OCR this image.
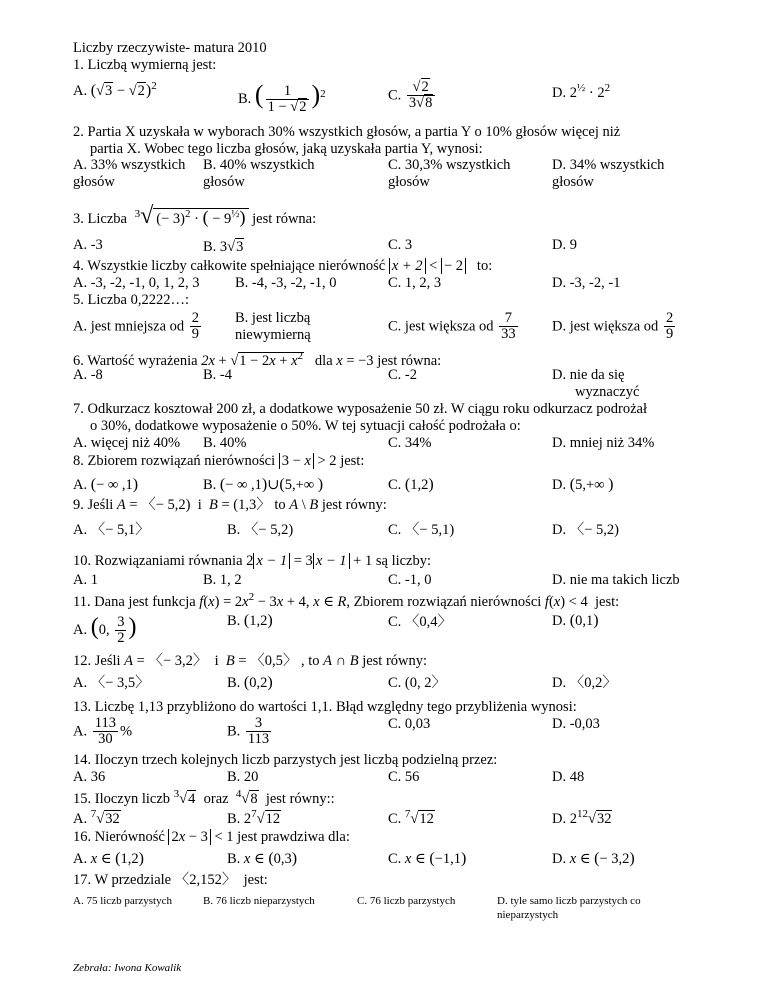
Liczby rzeczywiste- matura 2010
1. Liczbą wymierną jest:
A. $(√3 - √2)^2$
B. ( $\frac{1}{1 - √2} )^2$	C. $\frac{√2}{3√8}$	D. $2^{\frac{1}{2}} \cdot 2^2$
2. Partia X uzyskała w wyborach 30% wszystkich głosów, a partia Y o 10% głosów więcej niż
partia X. Wobec tego liczba głosów, jaką uzyskała partia Y, wynosi:
A. 33% wszystkich B. 40% wszystkich	C. 30,3% wszystkich	D. 34% wszystkich
głosów	głosów	głosów	głosów
3. Liczba $^3$√ (− 3)$^2$ · ( − $9^{\frac{1}{2}}$) jest równa:
A. -3	B. 3√3	C. 3	D. 9
4. Wszystkie liczby całkowite spełniające nierówność x + 2 < − 2 to:
A. -3, -2, -1, 0, 1, 2, 3 B. -4, -3, -2, -1, 0	C. 1, 2, 3	D. -3, -2, -1
5. Liczba 0,2222…:
A. jest mniejsza od $\frac{2}{9} B$. jest liczbą
niewymierną
C. jest większa od $\frac{7}{33} D$. jest większa od $\frac{2}{9}$
6. Wartość wyrażenia $2x + √1 - 2x + x^2$ dla x = −3 jest równa:
A. -8	B. -4	C. -2	D. nie da się
wyznaczyć
7. Odkurzacz kosztował 200 zł, a dodatkowe wyposażenie 50 zł. W ciągu roku odkurzacz podrożał
o 30%, dodatkowe wyposażenie o 50%. W tej sytuacji całość podrożała o:
A. więcej niż 40% B. 40%	C. 34%	D. mniej niż 34%
8. Zbiorem rozwiązań nierówności 3 − x > 2 jest:
A. (− ∞ ,1)	B. (− ∞ ,1)∪(5,+∞ )	C. (1,2)	D. (5,+∞ )
9. Jeśli A = 〈− 5,2)  i B = (1,3〉 to A \ B jest równy:
A. 〈− 5,1〉	B. 〈− 5,2)	C. 〈− 5,1)	D. 〈− 5,2)
10. Rozwiązaniami równania 2 x − 1 = 3 x − 1 + 1 są liczby:
A. 1	B. 1, 2	C. -1, 0	D. nie ma takich liczb
11. Dana jest funkcja $f(x) = 2x^2 - 3x + 4$, x ∈ R, Zbiorem rozwiązań nierówności f(x) < 4  jest:
A. (0, $\frac{3}{2}$ )	B. (1,2)	C. 〈0,4〉	D. (0,1)
12. Jeśli A = 〈− 3,2〉  i B = 〈0,5〉 , to A ∩ B jest równy:
A. 〈− 3,5〉	B. (0,2)	C. (0, 2〉	D. 〈0,2〉
13. Liczbę 1,13 przybliżono do wartości 1,1. Błąd względny tego przybliżenia wynosi:
A. $\frac{113}{30}$ %	B. $\frac{3}{113}$	C. 0,03	D. -0,03
14. Iloczyn trzech kolejnych liczb parzystych jest liczbą podzielną przez:
A. 36	B. 20	C. 56	D. 48
15. Iloczyn liczb $^3$√4 oraz $^4$√8 jest równy::
A. $^7$√32	B. $2^7√12$	C. $^7$√12	D. $2^{12}√32$
16. Nierówność 2x − 3 < 1 jest prawdziwa dla:
A. x ∈ (1,2)	B. x ∈ (0,3)	C. x ∈ (−1,1)	D. x ∈ (− 3,2)
17. W przedziale 〈2,152〉  jest:
A. 75 liczb parzystych	B. 76 liczb nieparzystych	C. 76 liczb parzystych	D. tyle samo liczb parzystych co
nieparzystych
Zebrała: Iwona Kowalik
